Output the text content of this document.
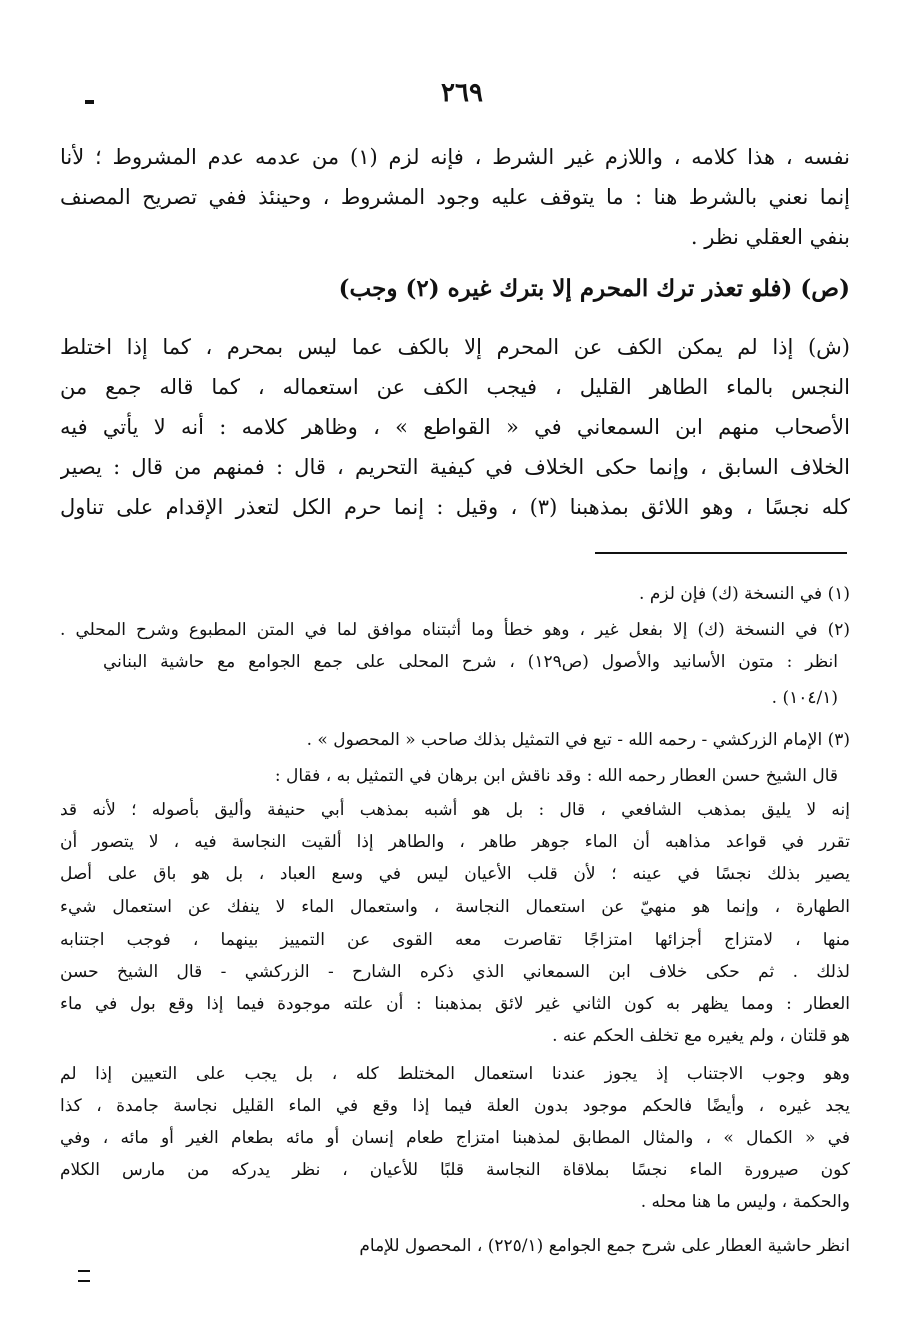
٢٦٩
نفسه ، هذا كلامه ، واللازم غير الشرط ، فإنه لزم (١) من عدمه عدم المشروط ؛ لأنا
إنما نعني بالشرط هنا : ما يتوقف عليه وجود المشروط ، وحينئذ ففي تصريح المصنف
بنفي العقلي نظر .
(ص) (فلو تعذر ترك المحرم إلا بترك غيره (٢) وجب)
(ش) إذا لم يمكن الكف عن المحرم إلا بالكف عما ليس بمحرم ، كما إذا اختلط
النجس بالماء الطاهر القليل ، فيجب الكف عن استعماله ، كما قاله جمع من
الأصحاب منهم ابن السمعاني في « القواطع » ، وظاهر كلامه : أنه لا يأتي فيه
الخلاف السابق ، وإنما حكى الخلاف في كيفية التحريم ، قال : فمنهم من قال : يصير
كله نجسًا ، وهو اللائق بمذهبنا (٣) ، وقيل : إنما حرم الكل لتعذر الإقدام على تناول
(١) في النسخة (ك) فإن لزم .
(٢) في النسخة (ك) إلا بفعل غير ، وهو خطأ وما أثبتناه موافق لما في المتن المطبوع وشرح المحلي .
انظر : متون الأسانيد والأصول (ص١٢٩) ، شرح المحلى على جمع الجوامع مع حاشية البناني
(١٠٤/١) .
(٣) الإمام الزركشي - رحمه الله - تبع في التمثيل بذلك صاحب « المحصول » .
قال الشيخ حسن العطار رحمه الله : وقد ناقش ابن برهان في التمثيل به ، فقال :
إنه لا يليق بمذهب الشافعي ، قال : بل هو أشبه بمذهب أبي حنيفة وأليق بأصوله ؛ لأنه قد
تقرر في قواعد مذاهبه أن الماء جوهر طاهر ، والطاهر إذا ألقيت النجاسة فيه ، لا يتصور أن
يصير بذلك نجسًا في عينه ؛ لأن قلب الأعيان ليس في وسع العباد ، بل هو باق على أصل
الطهارة ، وإنما هو منهيّ عن استعمال النجاسة ، واستعمال الماء لا ينفك عن استعمال شيء
منها ، لامتزاج أجزائها امتزاجًا تقاصرت معه القوى عن التمييز بينهما ، فوجب اجتنابه
لذلك . ثم حكى خلاف ابن السمعاني الذي ذكره الشارح - الزركشي - قال الشيخ حسن
العطار : ومما يظهر به كون الثاني غير لائق بمذهبنا : أن علته موجودة فيما إذا وقع بول في ماء
هو قلتان ، ولم يغيره مع تخلف الحكم عنه .
وهو وجوب الاجتناب إذ يجوز عندنا استعمال المختلط كله ، بل يجب على التعيين إذا لم
يجد غيره ، وأيضًا فالحكم موجود بدون العلة فيما إذا وقع في الماء القليل نجاسة جامدة ، كذا
في « الكمال » ، والمثال المطابق لمذهبنا امتزاج طعام إنسان أو مائه بطعام الغير أو مائه ، وفي
كون صيرورة الماء نجسًا بملاقاة النجاسة قلبًا للأعيان ، نظر يدركه من مارس الكلام
والحكمة ، وليس ما هنا محله .
انظر حاشية العطار على شرح جمع الجوامع (٢٢٥/١) ، المحصول للإمام
